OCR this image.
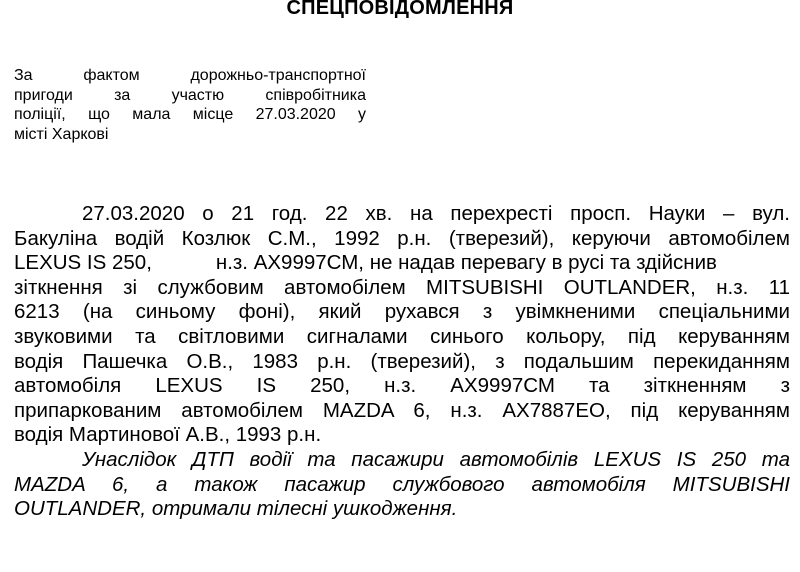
СПЕЦПОВІДОМЛЕННЯ
За фактом дорожньо-транспортної
пригоди за участю співробітника
поліції, що мала місце 27.03.2020 у
місті Харкові

27.03.2020 о 21 год. 22 хв. на перехресті просп. Науки – вул.
Бакуліна водій Козлюк С.М., 1992 р.н. (тверезий), керуючи автомобілем
LEXUS IS 250,	н.з. АХ9997СМ, не надав перевагу в русі та здійснив
зіткнення зі службовим автомобілем MITSUBISHI OUTLANDER, н.з. 11
6213 (на синьому фоні), який рухався з увімкненими спеціальними
звуковими та світловими сигналами синього кольору, під керуванням
водія Пашечка О.В., 1983 р.н. (тверезий), з подальшим перекиданням
автомобіля LEXUS IS 250, н.з. АХ9997СМ та зіткненням з
припаркованим автомобілем MAZDA 6, н.з. АХ7887ЕО, під керуванням
водія Мартинової А.В., 1993 р.н.

Унаслідок ДТП водії та пасажири автомобілів LEXUS IS 250 та
MAZDA 6, а також пасажир службового автомобіля MITSUBISHI
OUTLANDER, отримали тілесні ушкодження.
